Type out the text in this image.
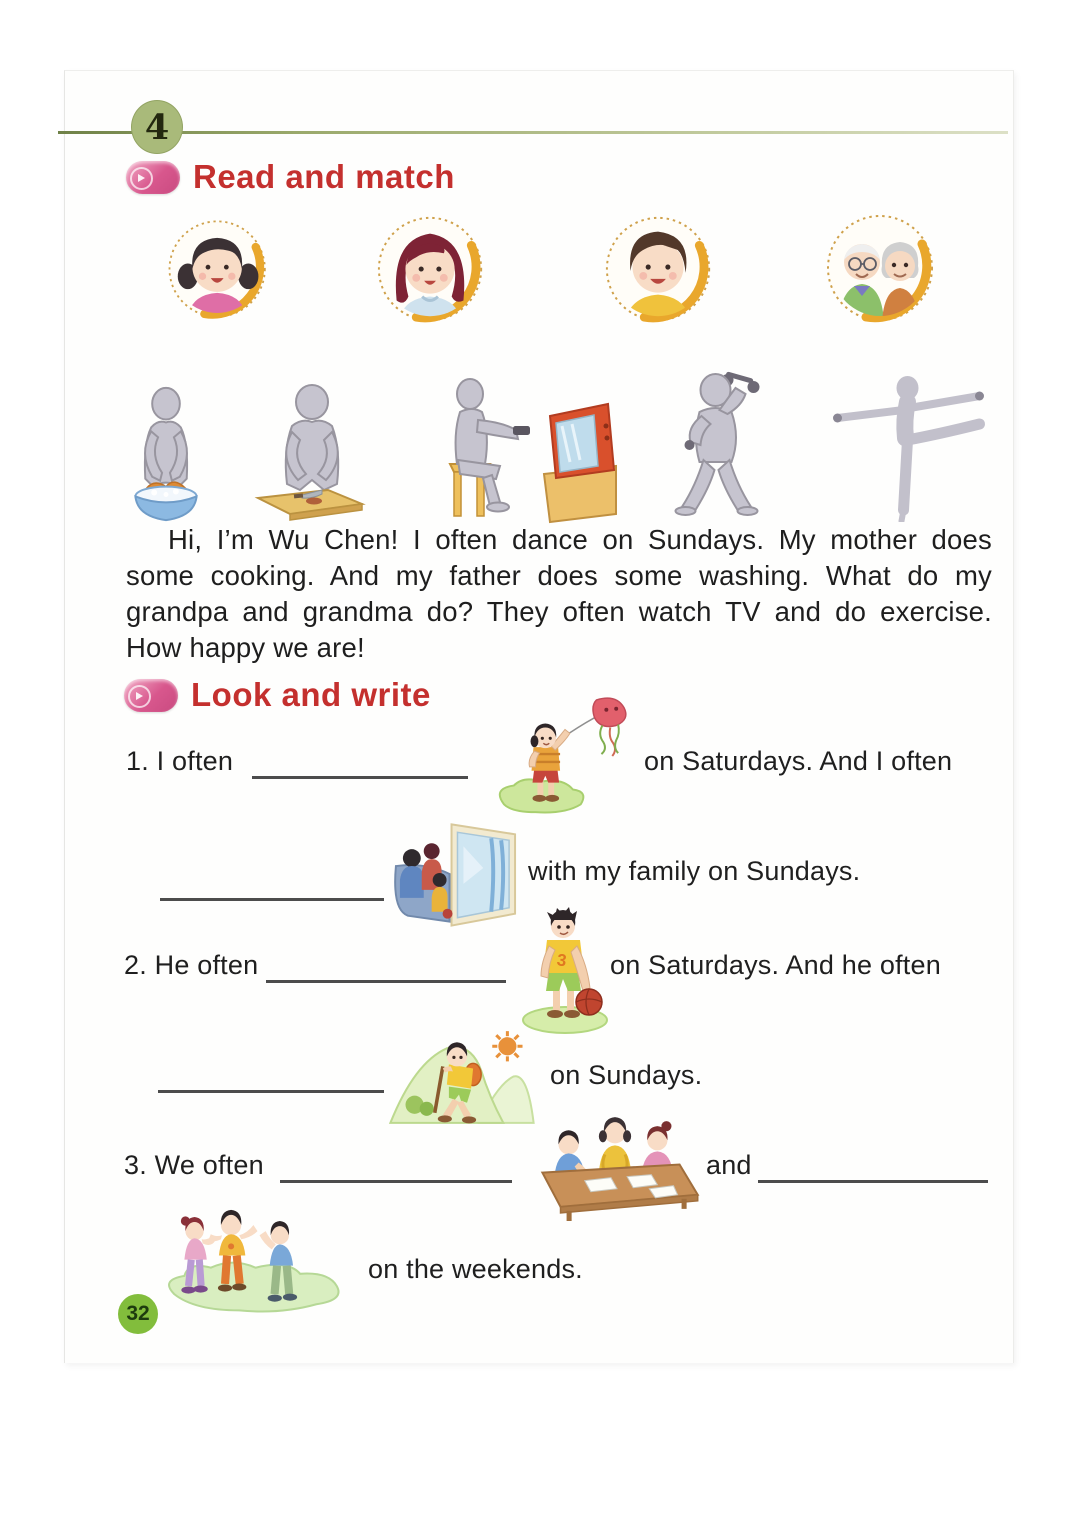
4
Read and match

Hi, I’m Wu Chen! I often dance on Sundays. My mother does some cooking. And my father does some washing. What do my grandpa and grandma do? They often watch TV and do exercise. How happy we are!

Look and write
1. I often	on Saturdays. And I often
with my family on Sundays.
2. He often	3 on Saturdays. And he often
on Sundays.
3. We often	and
on the weekends.
32
